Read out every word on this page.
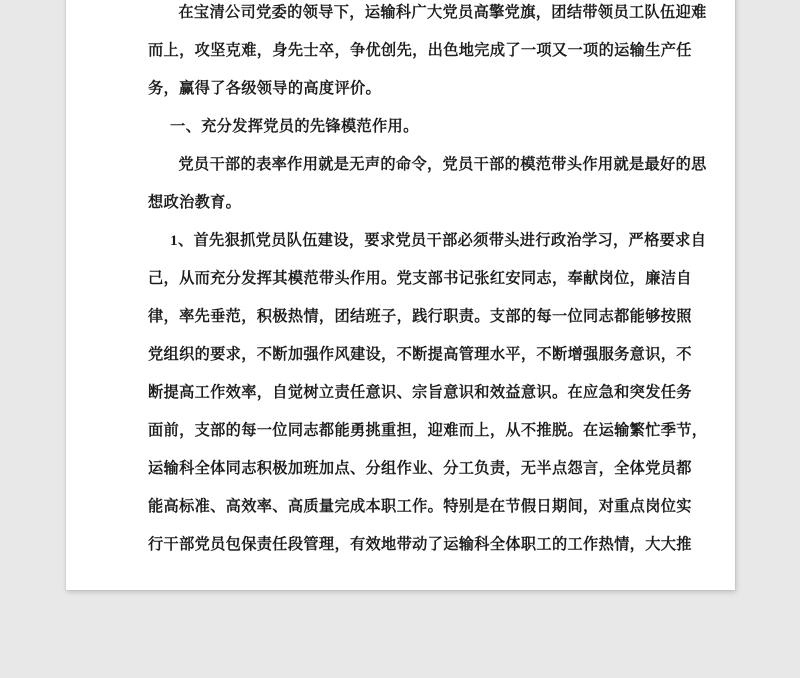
在宝清公司党委的领导下，运输科广大党员高擎党旗，团结带领员工队伍迎难
而上，攻坚克难，身先士卒，争优创先，出色地完成了一项又一项的运输生产任
务，赢得了各级领导的高度评价。
一、充分发挥党员的先锋模范作用。
党员干部的表率作用就是无声的命令，党员干部的模范带头作用就是最好的思
想政治教育。
1、首先狠抓党员队伍建设，要求党员干部必须带头进行政治学习，严格要求自
己，从而充分发挥其模范带头作用。党支部书记张红安同志，奉献岗位，廉洁自
律，率先垂范，积极热情，团结班子，践行职责。支部的每一位同志都能够按照
党组织的要求，不断加强作风建设，不断提高管理水平，不断增强服务意识，不
断提高工作效率，自觉树立责任意识、宗旨意识和效益意识。在应急和突发任务
面前，支部的每一位同志都能勇挑重担，迎难而上，从不推脱。在运输繁忙季节，
运输科全体同志积极加班加点、分组作业、分工负责，无半点怨言，全体党员都
能高标准、高效率、高质量完成本职工作。特别是在节假日期间，对重点岗位实
行干部党员包保责任段管理，有效地带动了运输科全体职工的工作热情，大大推
